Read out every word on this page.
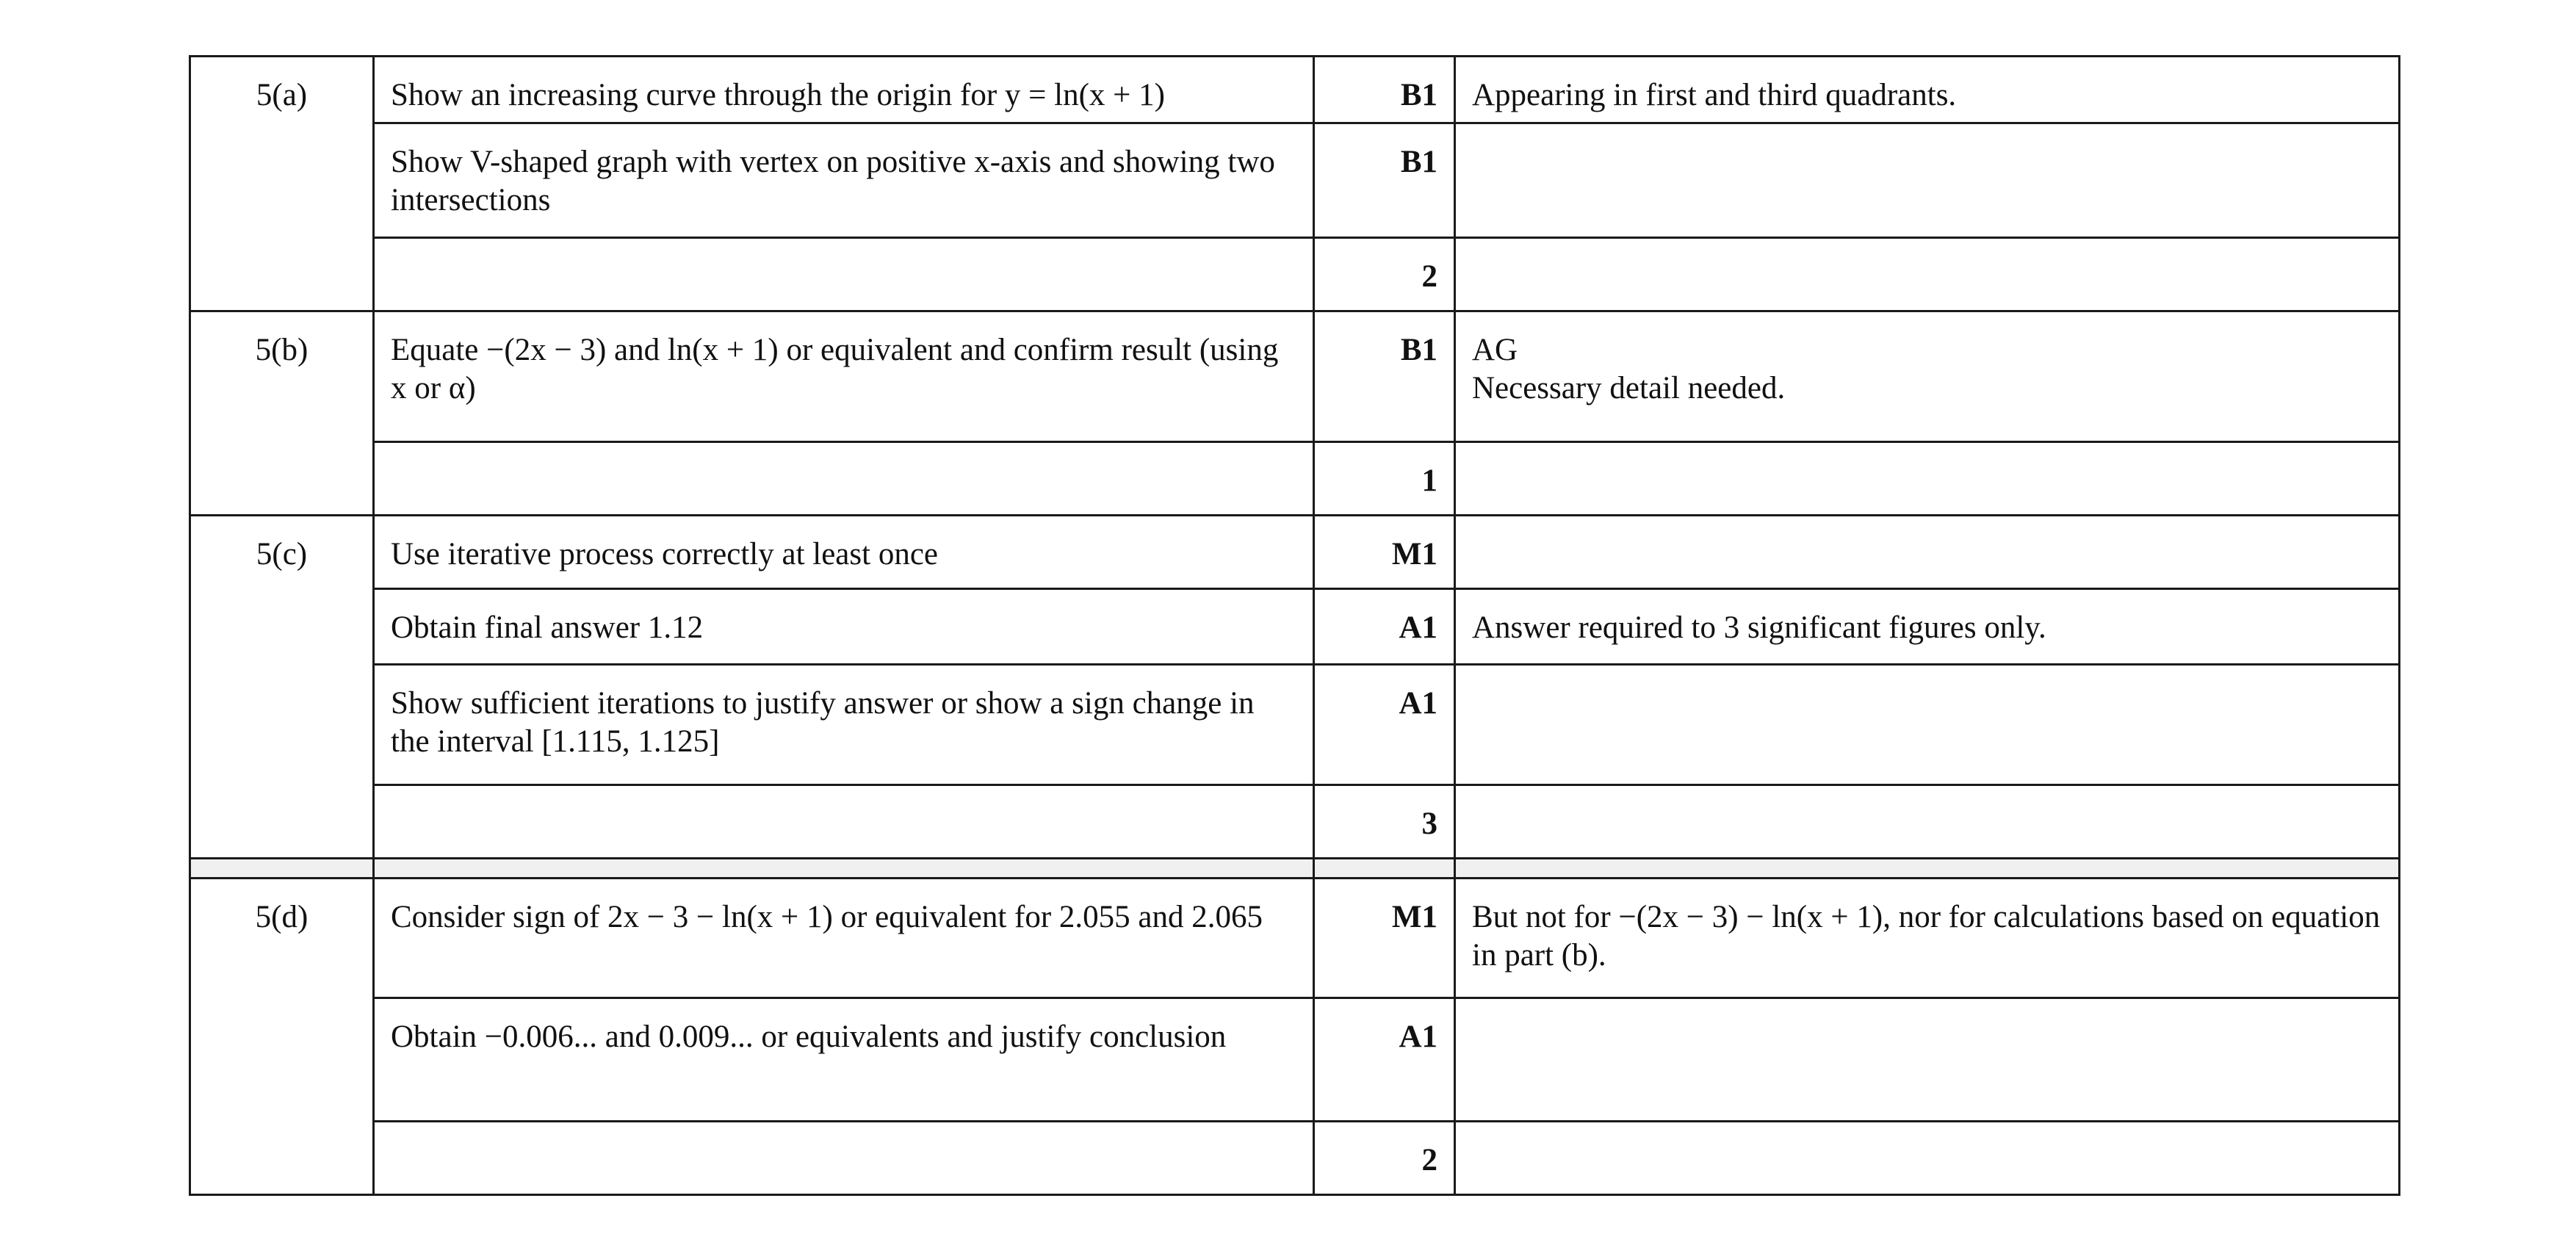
5(a)	Show an increasing curve through the origin for y = ln(x + 1)	B1	Appearing in first and third quadrants.
	Show V-shaped graph with vertex on positive x-axis and showing two intersections	B1	
		2	
5(b)	Equate −(2x − 3) and ln(x + 1) or equivalent and confirm result (using x or α)	B1	AG
Necessary detail needed.
		1	
5(c)	Use iterative process correctly at least once	M1	
	Obtain final answer 1.12	A1	Answer required to 3 significant figures only.
	Show sufficient iterations to justify answer or show a sign change in the interval [1.115, 1.125]	A1	
		3	

5(d)	Consider sign of 2x − 3 − ln(x + 1) or equivalent for 2.055 and 2.065	M1	But not for −(2x − 3) − ln(x + 1), nor for calculations based on equation in part (b).
	Obtain −0.006... and 0.009... or equivalents and justify conclusion	A1	
		2	
